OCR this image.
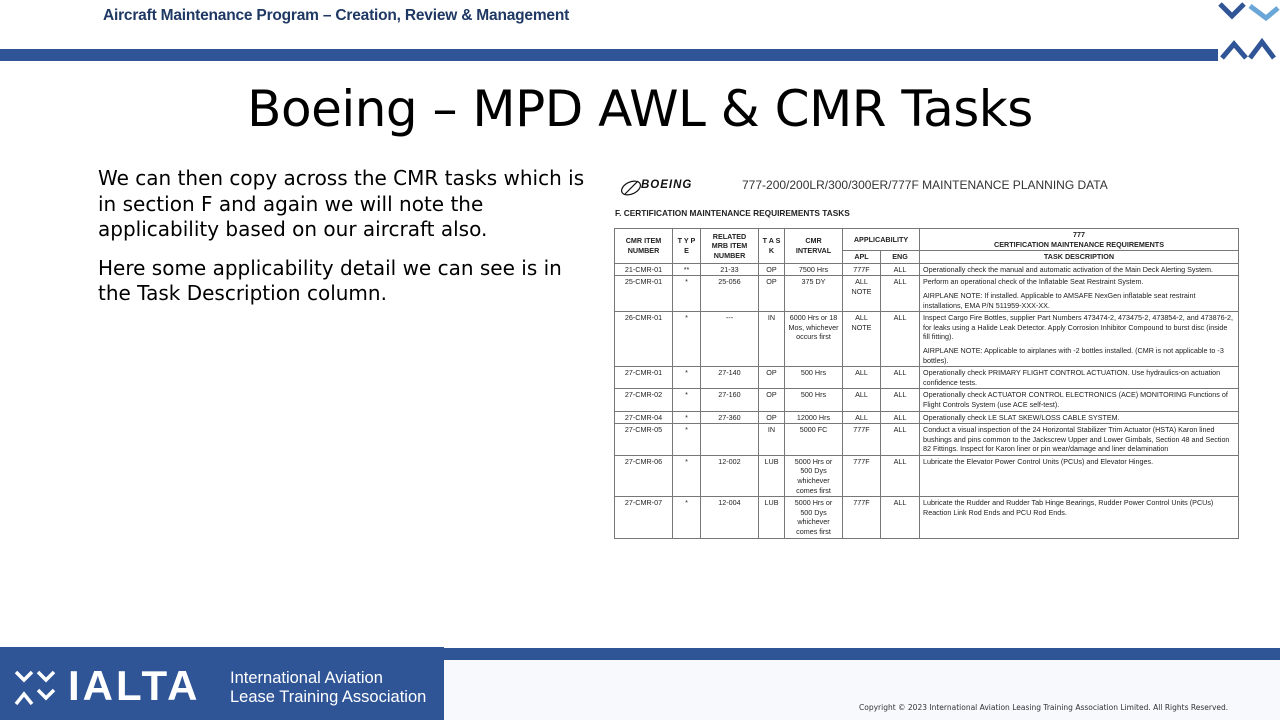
Aircraft Maintenance Program – Creation, Review & Management
Boeing – MPD AWL & CMR Tasks

We can then copy across the CMR tasks which is in section F and again we will note the applicability based on our aircraft also.

Here some applicability detail we can see is in the Task Description column.

BOEING	777-200/200LR/300/300ER/777F MAINTENANCE PLANNING DATA
F. CERTIFICATION MAINTENANCE REQUIREMENTS TASKS
CMR ITEM NUMBER	T Y P E	RELATED MRB ITEM NUMBER	T A S K	CMR INTERVAL	APPLICABILITY		777
CERTIFICATION MAINTENANCE REQUIREMENTS

					APL	ENG	TASK DESCRIPTION
21-CMR-01	**	21-33	OP	7500 Hrs	777F	ALL	Operationally check the manual and automatic activation of the Main Deck Alerting System.

25-CMR-01	*	25-056	OP	375 DY	ALL NOTE	ALL	Perform an operational check of the Inflatable Seat Restraint System.

AIRPLANE NOTE: If installed. Applicable to AMSAFE NexGen inflatable seat restraint installations, EMA P/N 511959-XXX-XX.

26-CMR-01	*	---	IN	6000 Hrs or 18 Mos, whichever occurs first	ALL NOTE	ALL	Inspect Cargo Fire Bottles, supplier Part Numbers 473474-2, 473475-2, 473854-2, and 473876-2, for leaks using a Halide Leak Detector. Apply Corrosion Inhibitor Compound to burst disc (inside fill fitting).

AIRPLANE NOTE: Applicable to airplanes with -2 bottles installed. (CMR is not applicable to -3 bottles).

27-CMR-01	*	27-140	OP	500 Hrs	ALL	ALL	Operationally check PRIMARY FLIGHT CONTROL ACTUATION. Use hydraulics-on actuation confidence tests.

27-CMR-02	*	27-160	OP	500 Hrs	ALL	ALL	Operationally check ACTUATOR CONTROL ELECTRONICS (ACE) MONITORING Functions of Flight Controls System (use ACE self-test).

27-CMR-04	*	27-360	OP	12000 Hrs	ALL	ALL	Operationally check LE SLAT SKEW/LOSS CABLE SYSTEM.

27-CMR-05	*		IN	5000 FC	777F	ALL	Conduct a visual inspection of the 24 Horizontal Stabilizer Trim Actuator (HSTA) Karon lined bushings and pins common to the Jackscrew Upper and Lower Gimbals, Section 48 and Section 82 Fittings. Inspect for Karon liner or pin wear/damage and liner delamination

27-CMR-06	*	12-002	LUB	5000 Hrs or 500 Dys whichever comes first	777F	ALL	Lubricate the Elevator Power Control Units (PCUs) and Elevator Hinges.

27-CMR-07	*	12-004	LUB	5000 Hrs or 500 Dys whichever comes first	777F	ALL	Lubricate the Rudder and Rudder Tab Hinge Bearings, Rudder Power Control Units (PCUs) Reaction Link Rod Ends and PCU Rod Ends.

IALTA International Aviation
Lease Training Association
Copyright © 2023 International Aviation Leasing Training Association Limited. All Rights Reserved.
